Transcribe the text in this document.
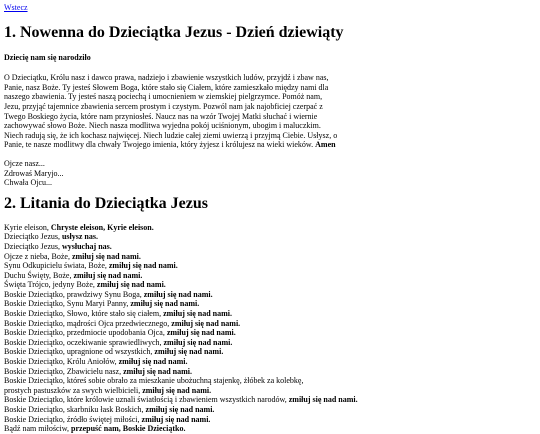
Wstecz
1. Nowenna do Dzieciątka Jezus - Dzień dziewiąty
Dziecię nam się narodziło
O Dzieciątku, Królu nasz i dawco prawa, nadziejo i zbawienie wszystkich ludów, przyjdź i zbaw nas, Panie, nasz Boże. Ty jesteś Słowem Boga, które stało się Ciałem, które zamieszkało między nami dla naszego zbawienia. Ty jesteś naszą pociechą i umocnieniem w ziemskiej pielgrzymce. Pomóż nam, Jezu, przyjąć tajemnice zbawienia sercem prostym i czystym. Pozwól nam jak najobficiej czerpać z Twego Boskiego życia, które nam przyniosłeś. Naucz nas na wzór Twojej Matki słuchać i wiernie zachowywać słowo Boże. Niech nasza modlitwa wyjedna pokój uciśnionym, ubogim i maluczkim. Niech radują się, że ich kochasz najwięcej. Niech ludzie całej ziemi uwierzą i przyjmą Ciebie. Usłysz, o Panie, te nasze modlitwy dla chwały Twojego imienia, który żyjesz i królujesz na wieki wieków. Amen
Ojcze nasz...
Zdrowaś Maryjo...
Chwała Ojcu...
2. Litania do Dzieciątka Jezus
Kyrie eleison, Chryste eleison, Kyrie eleison.
Dzieciątko Jezus, usłysz nas.
Dzieciątko Jezus, wysłuchaj nas.
Ojcze z nieba, Boże, zmiłuj się nad nami.
Synu Odkupicielu świata, Boże, zmiłuj się nad nami.
Duchu Święty, Boże, zmiłuj się nad nami.
Święta Trójco, jedyny Boże, zmiłuj się nad nami.
Boskie Dzieciątko, prawdziwy Synu Boga, zmiłuj się nad nami.
Boskie Dzieciątko, Synu Maryi Panny, zmiłuj się nad nami.
Boskie Dzieciątko, Słowo, które stało się ciałem, zmiłuj się nad nami.
Boskie Dzieciątko, mądrości Ojca przedwiecznego, zmiłuj się nad nami.
Boskie Dzieciątko, przedmiocie upodobania Ojca, zmiłuj się nad nami.
Boskie Dzieciątko, oczekiwanie sprawiedliwych, zmiłuj się nad nami.
Boskie Dzieciątko, upragnione od wszystkich, zmiłuj się nad nami.
Boskie Dzieciątko, Królu Aniołów, zmiłuj się nad nami.
Boskie Dzieciątko, Zbawicielu nasz, zmiłuj się nad nami.
Boskie Dzieciątko, któreś sobie obrało za mieszkanie ubożuchną stajenkę, żłóbek za kolebkę, prostych pastuszków za swych wielbicieli, zmiłuj się nad nami.
Boskie Dzieciątko, które królowie uznali światłością i zbawieniem wszystkich narodów, zmiłuj się nad nami.
Boskie Dzieciątko, skarbniku łask Boskich, zmiłuj się nad nami.
Boskie Dzieciątko, źródło świętej miłości, zmiłuj się nad nami.
Bądź nam miłościw, przepuść nam, Boskie Dzieciątko.
